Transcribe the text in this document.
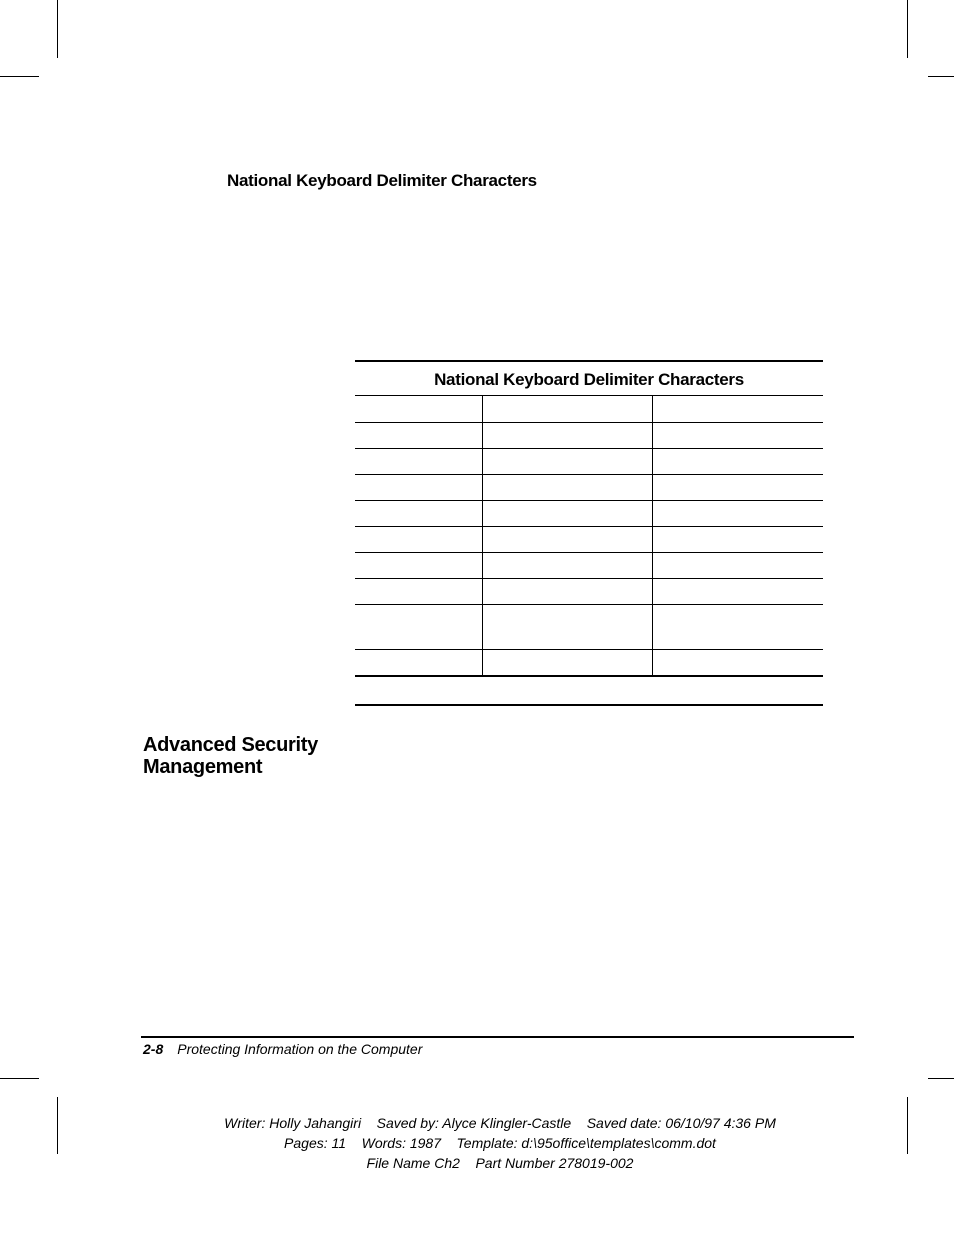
National Keyboard Delimiter Characters
National Keyboard Delimiter Characters

Advanced Security
Management
2-8 Protecting Information on the Computer
Writer: Holly Jahangiri    Saved by: Alyce Klingler-Castle    Saved date: 06/10/97 4:36 PM
Pages: 11    Words: 1987    Template: d:\95office\templates\comm.dot
File Name Ch2    Part Number 278019-002
